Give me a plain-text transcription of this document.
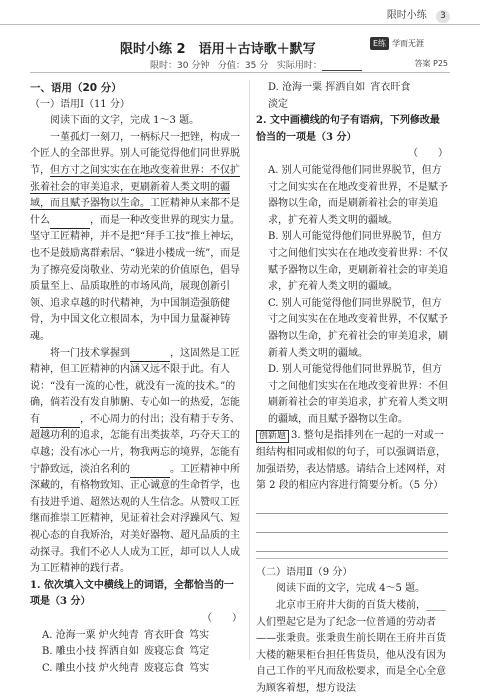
限时小练 3
限时小练 2　语用＋古诗歌＋默写	E练 学而无涯
限时：30 分钟 分值：35 分 实际用时：	答案 P25
一、语用（20 分）
（一）语用Ⅰ（11 分）

阅读下面的文字，完成 1～3 题。

一堇孤灯一刻刀，一柄标尺一把锉，构成一个匠人的全部世界。别人可能觉得他们同世界脱节，但方寸之间实实在在地改变着世界：不仅扩张着社会的审美追求，更刷新着人类文明的疆域，而且赋予器物以生命。工匠精神从来都不是什么	，而是一种改变世界的现实力量。坚守工匠精神，并不是把“拜手工技”推上神坛，也不是鼓励离群索居、“躲进小楼成一统”，而是为了擦亮爱岗敬业、劳动光荣的价值原色，倡导质量至上、品质取胜的市场风尚，展现创新引领、追求卓越的时代精神，为中国制造强筋健骨，为中国文化立根固本，为中国力量凝神铸魂。

将一门技术掌握到	，这固然是工匠精神，但工匠精神的内涵又远不限于此。有人说：“没有一流的心性，就没有一流的技术。”的确，倘若没有发自肺腑、专心如一的热爱，怎能有	，不心周力的付出；没有精于专务、超越功利的追求，怎能有出类拔萃，巧夺天工的卓越；没有冰心一片，物我两忘的境界，怎能有宁静致远，淡泊名利的	。工匠精神中所深藏的，有格物致知、正心诚意的生命哲学，也有技进乎道、超然达观的人生信念。从赞叹工匠继而推崇工匠精神，见证着社会对浮躁风气、短视心态的自我矫治，对美好器物、超凡品质的主动探寻。我们不必人人成为工匠，却可以人人成为工匠精神的践行者。

1. 依次填入文中横线上的词语，全都恰当的一项是（3 分）

（　　）

A. 沧海一粟 炉火纯青 宵衣旰食 笃实

B. 雕虫小技 挥洒自如 废寝忘食 笃定

C. 雕虫小技 炉火纯青 废寝忘食 笃实

D. 沧海一粟 挥洒自如 宵衣旰食 淡定

2. 文中画横线的句子有语病，下列修改最恰当的一项是（3 分）

（　　）

A. 别人可能觉得他们同世界脱节，但方寸之间实实在在地改变着世界，不是赋予器物以生命，而是刷新着社会的审美追求，扩充着人类文明的疆域。

B. 别人可能觉得他们同世界脱节，但方寸之间他们实实在在地改变着世界：不仅赋予器物以生命，更刷新着社会的审美追求，扩充着人类文明的疆域。

C. 别人可能觉得他们同世界脱节，但方寸之间实实在在地改变着世界，不仅赋予器物以生命，扩充着社会的审美追求，刷新着人类文明的疆域。

D. 别人可能觉得他们同世界脱节，但方寸之间他们实实在在地改变着世界：不但刷新着社会的审美追求，扩充着人类文明的疆域，而且赋予器物以生命。

创新题 3. 整句是指排列在一起的一对或一组结构相同或相似的句子，可以强调语意，加强语势，表达情感。请结合上述网样，对第 2 段的相应内容进行简要分析。（5 分）

（二）语用Ⅱ（9 分）

阅读下面的文字，完成 4～5 题。

北京市王府井大街的百货大楼前，____人们塑起它是为了纪念一位普通的劳动者——张秉贵。张秉贵生前长期在王府井百货大楼的糖果柜台担任售货员，他从没有因为自己工作的平凡而敌松要求，而是全心全意为顾客着想，想方设法
